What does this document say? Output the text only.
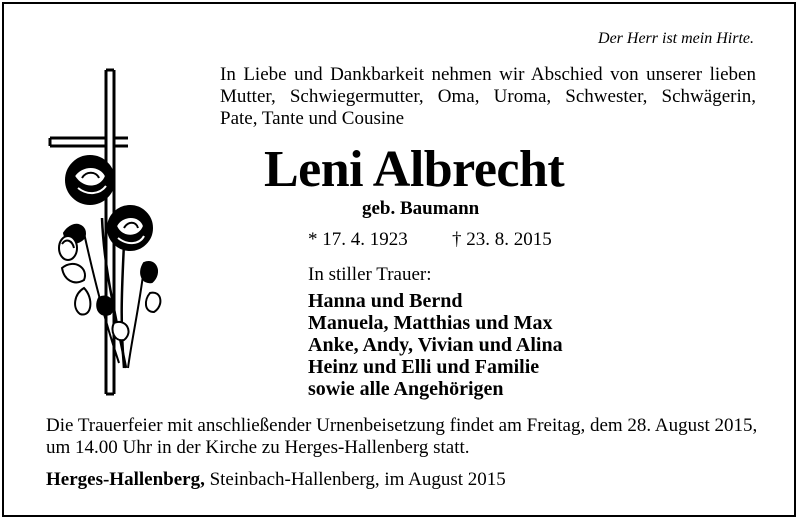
Der Herr ist mein Hirte.
In Liebe und Dankbarkeit nehmen wir Abschied von unserer lieben
Mutter, Schwiegermutter, Oma, Uroma, Schwester, Schwägerin,
Pate, Tante und Cousine
Leni Albrecht
geb. Baumann
* 17. 4. 1923 † 23. 8. 2015
In stiller Trauer:
Hanna und Bernd
Manuela, Matthias und Max
Anke, Andy, Vivian und Alina
Heinz und Elli und Familie
sowie alle Angehörigen
Die Trauerfeier mit anschließender Urnenbeisetzung findet am Freitag, dem 28. August 2015,
um 14.00 Uhr in der Kirche zu Herges-Hallenberg statt.
Herges-Hallenberg, Steinbach-Hallenberg, im August 2015
